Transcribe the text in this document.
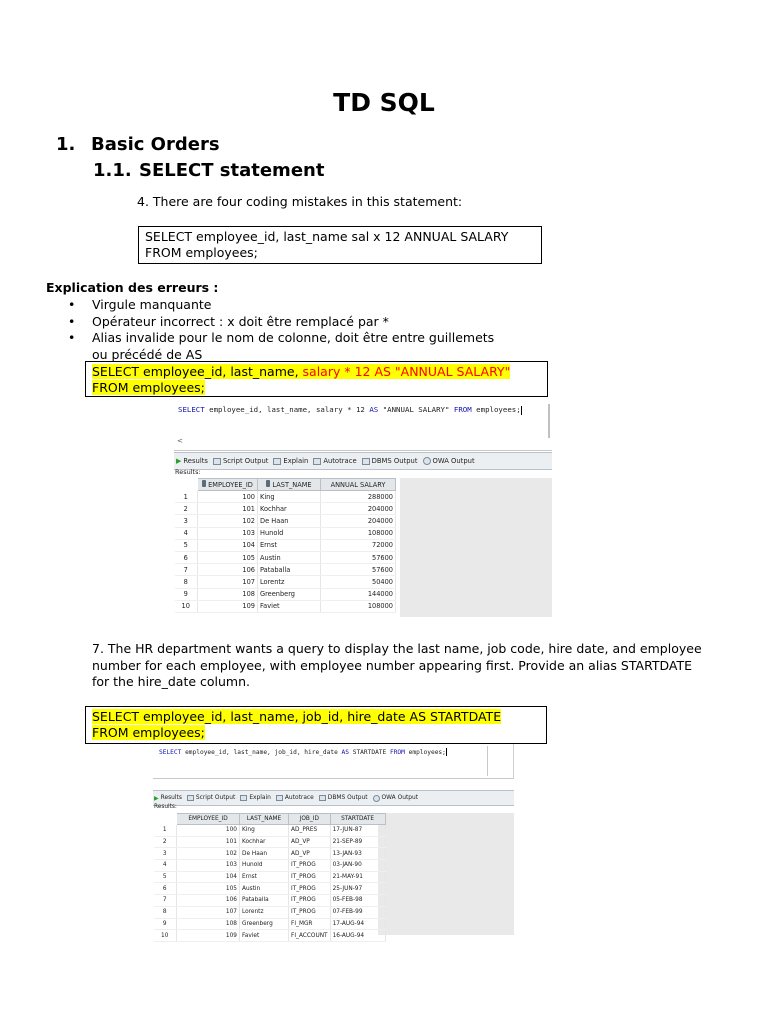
TD SQL
1. Basic Orders
1.1. SELECT statement
4. There are four coding mistakes in this statement:
SELECT employee_id, last_name sal x 12 ANNUAL SALARY FROM employees;
Explication des erreurs :
• Virgule manquante
• Opérateur incorrect : x doit être remplacé par *
• Alias invalide pour le nom de colonne, doit être entre guillemets ou précédé de AS
SELECT employee_id, last_name, salary * 12 AS "ANNUAL SALARY" FROM employees;
SELECT employee_id, last_name, salary * 12 AS "ANNUAL SALARY" FROM employees;
<
▶ Results Script Output Explain Autotrace DBMS Output OWA Output
Results:
	EMPLOYEE_ID	LAST_NAME	ANNUAL SALARY
1	100	King	288000
2	101	Kochhar	204000
3	102	De Haan	204000
4	103	Hunold	108000
5	104	Ernst	72000
6	105	Austin	57600
7	106	Pataballa	57600
8	107	Lorentz	50400
9	108	Greenberg	144000
10	109	Faviet	108000
7. The HR department wants a query to display the last name, job code, hire date, and employee number for each employee, with employee number appearing first. Provide an alias STARTDATE for the hire_date column.
SELECT employee_id, last_name, job_id, hire_date AS STARTDATE FROM employees;
SELECT employee_id, last_name, job_id, hire_date AS STARTDATE FROM employees;
▶ Results Script Output Explain Autotrace DBMS Output OWA Output
Results:
	EMPLOYEE_ID	LAST_NAME	JOB_ID	STARTDATE
1	100	King	AD_PRES	17-JUN-87
2	101	Kochhar	AD_VP	21-SEP-89
3	102	De Haan	AD_VP	13-JAN-93
4	103	Hunold	IT_PROG	03-JAN-90
5	104	Ernst	IT_PROG	21-MAY-91
6	105	Austin	IT_PROG	25-JUN-97
7	106	Pataballa	IT_PROG	05-FEB-98
8	107	Lorentz	IT_PROG	07-FEB-99
9	108	Greenberg	FI_MGR	17-AUG-94
10	109	Faviet	FI_ACCOUNT	16-AUG-94
